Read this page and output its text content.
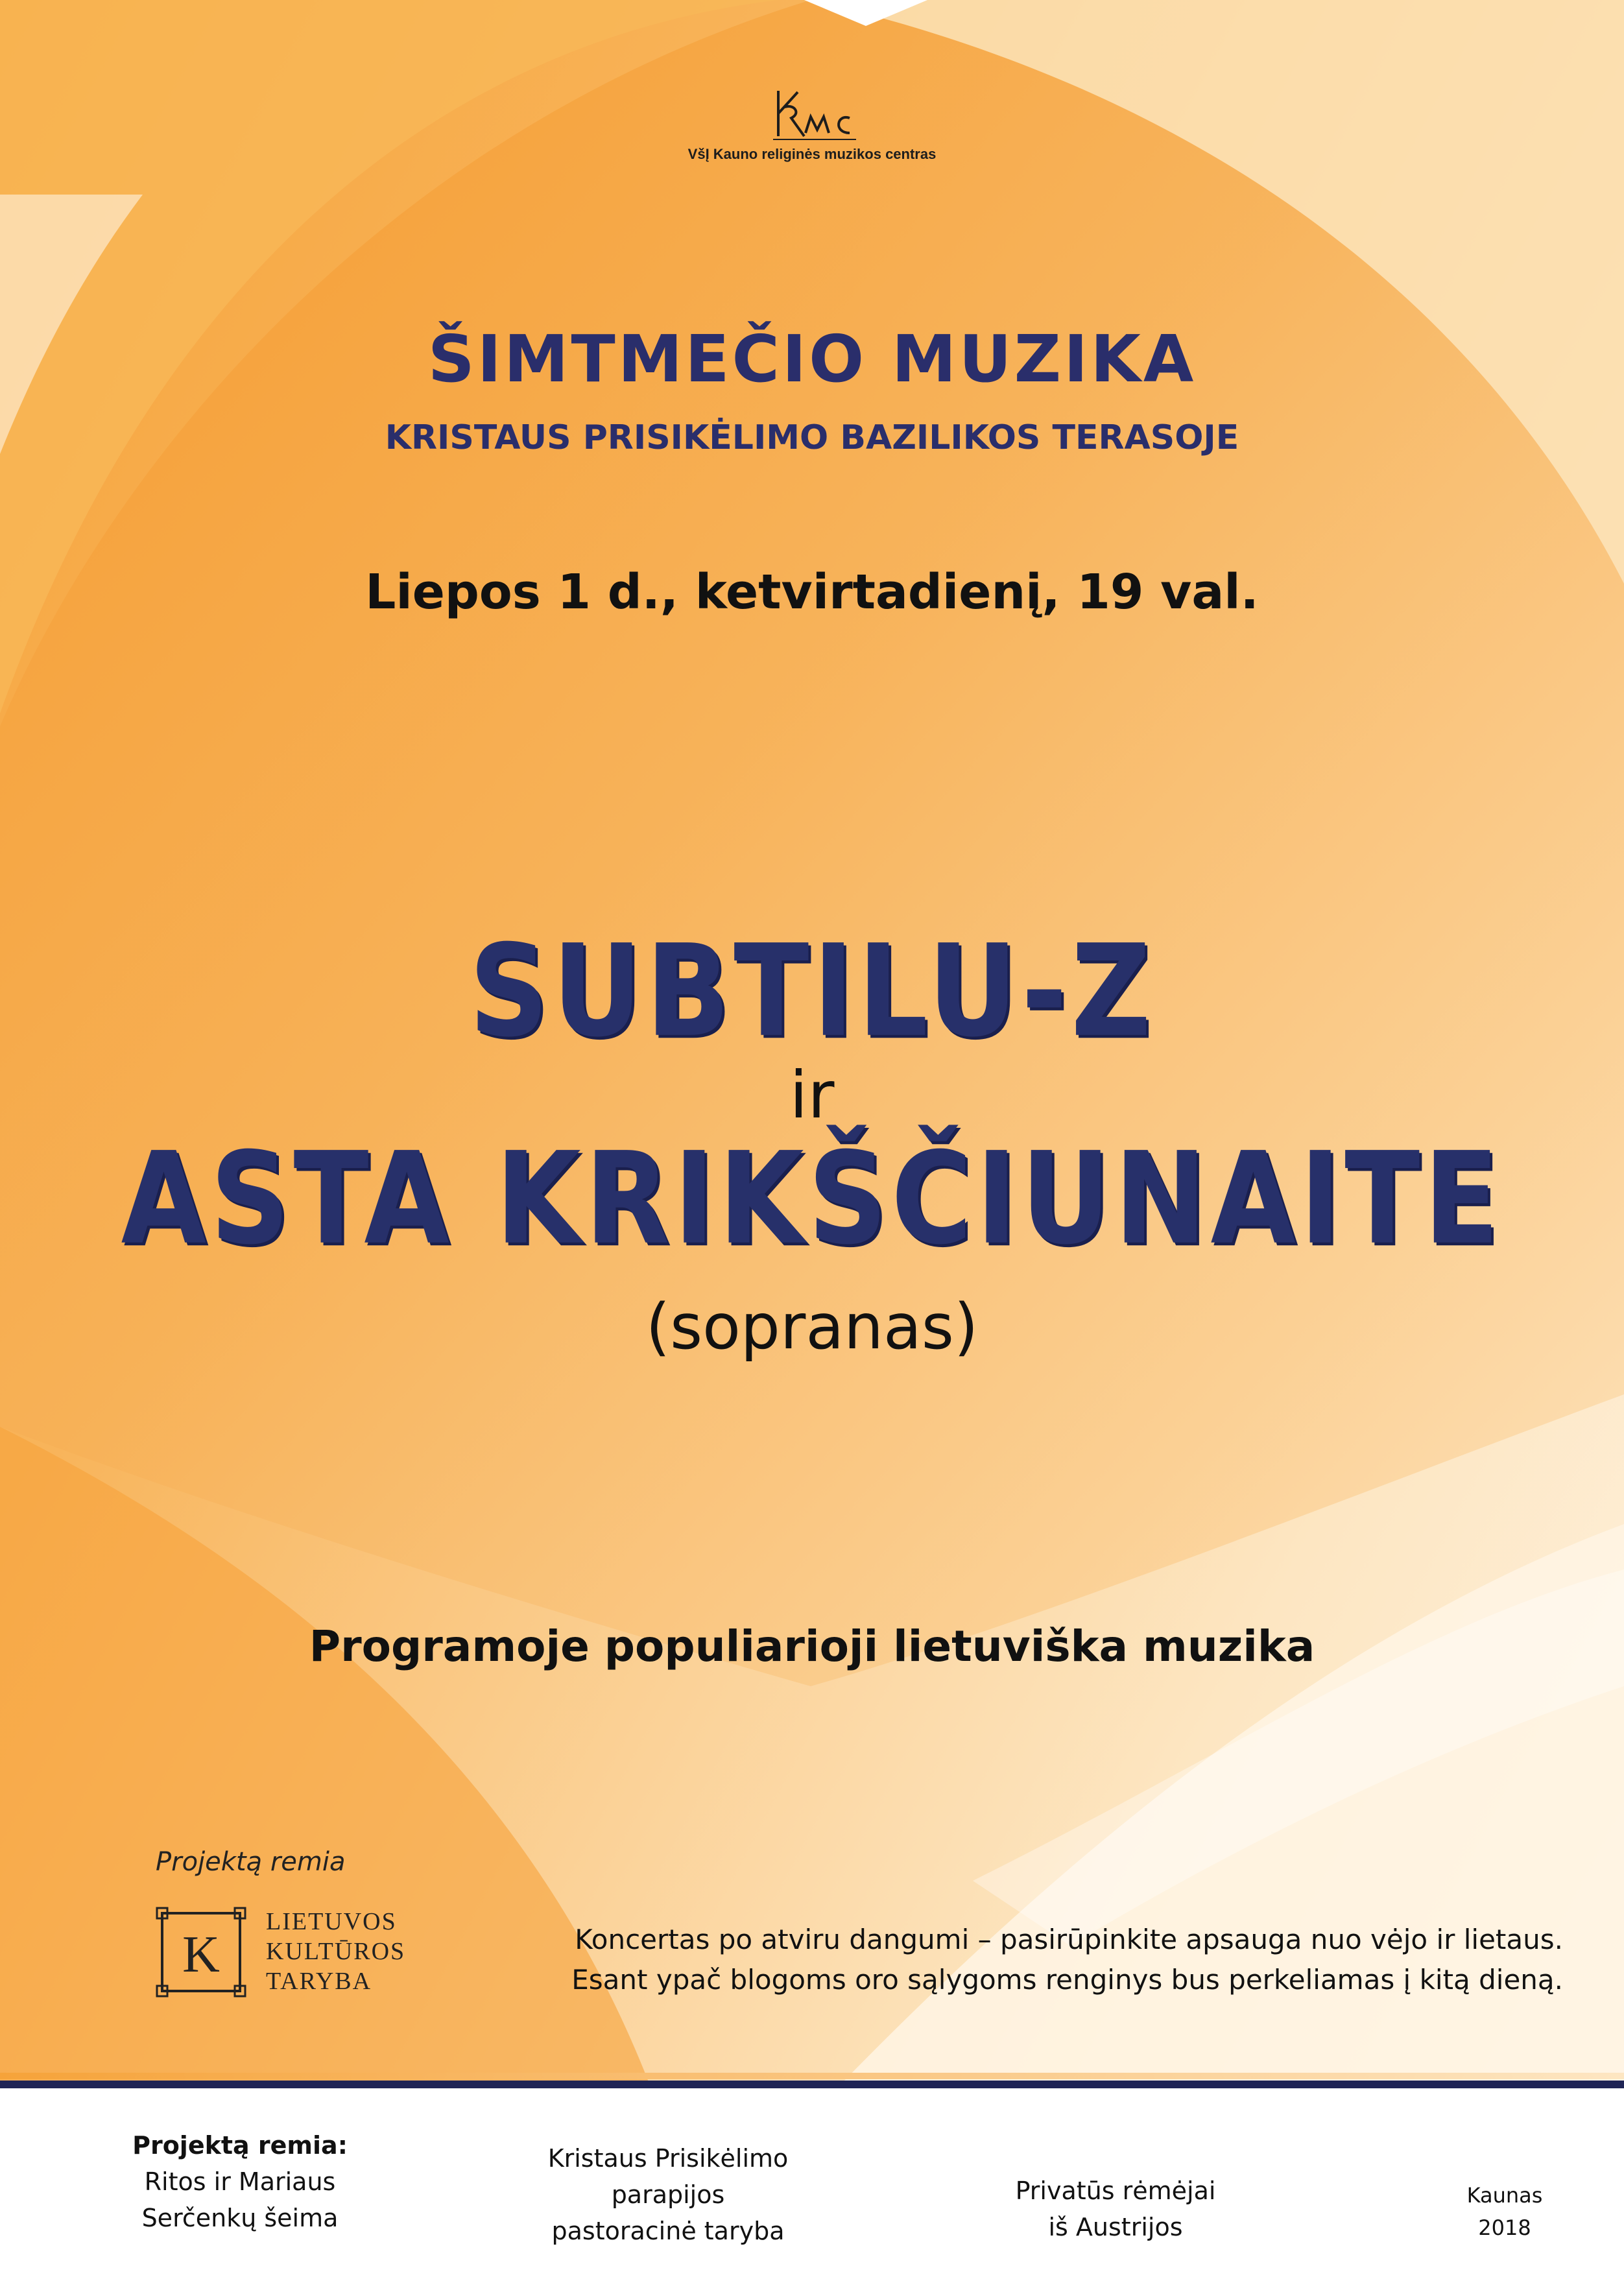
VšĮ Kauno religinės muzikos centras
ŠIMTMEČIO MUZIKA
KRISTAUS PRISIKĖLIMO BAZILIKOS TERASOJE
Liepos 1 d., ketvirtadienį, 19 val.
SUBTILU-Z
ir
ASTA KRIKŠČIUNAITE
(sopranas)
Programoje populiarioji lietuviška muzika
Projektą remia
K
LIETUVOS
KULTŪROS
TARYBA
Koncertas po atviru dangumi – pasirūpinkite apsauga nuo vėjo ir lietaus.
Esant ypač blogoms oro sąlygoms renginys bus perkeliamas į kitą dieną.
Projektą remia:
Ritos ir Mariaus
Serčenkų šeima
Kristaus Prisikėlimo
parapijos
pastoracinė taryba
Privatūs rėmėjai
iš Austrijos
Kaunas
2018
